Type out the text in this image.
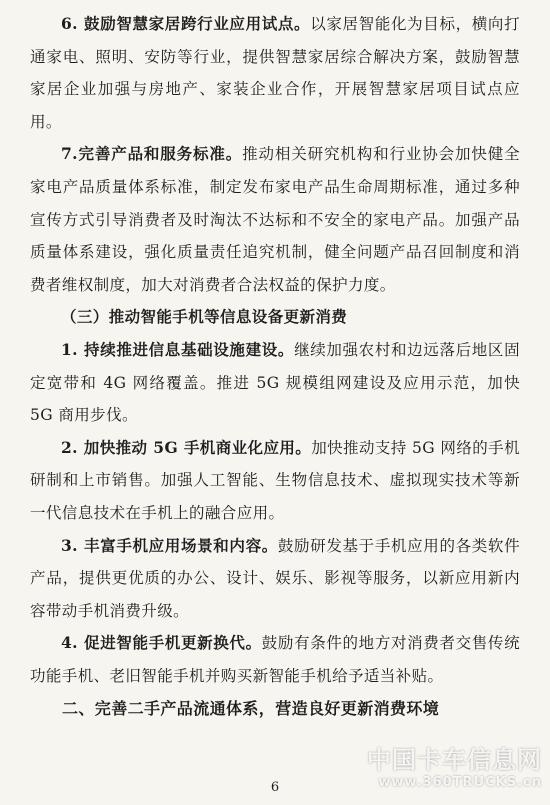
6. 鼓励智慧家居跨行业应用试点。以家居智能化为目标，横向打通家电、照明、安防等行业，提供智慧家居综合解决方案，鼓励智慧家居企业加强与房地产、家装企业合作，开展智慧家居项目试点应用。

7.完善产品和服务标准。推动相关研究机构和行业协会加快健全家电产品质量体系标准，制定发布家电产品生命周期标准，通过多种宣传方式引导消费者及时淘汰不达标和不安全的家电产品。加强产品质量体系建设，强化质量责任追究机制，健全问题产品召回制度和消费者维权制度，加大对消费者合法权益的保护力度。

（三）推动智能手机等信息设备更新消费

1. 持续推进信息基础设施建设。继续加强农村和边远落后地区固定宽带和 4G 网络覆盖。推进 5G 规模组网建设及应用示范，加快 5G 商用步伐。

2. 加快推动 5G 手机商业化应用。加快推动支持 5G 网络的手机研制和上市销售。加强人工智能、生物信息技术、虚拟现实技术等新一代信息技术在手机上的融合应用。

3. 丰富手机应用场景和内容。鼓励研发基于手机应用的各类软件产品，提供更优质的办公、设计、娱乐、影视等服务，以新应用新内容带动手机消费升级。

4. 促进智能手机更新换代。鼓励有条件的地方对消费者交售传统功能手机、老旧智能手机并购买新智能手机给予适当补贴。

二、完善二手产品流通体系，营造良好更新消费环境

6
中国卡车信息网
www.360TRUCKS.cn
